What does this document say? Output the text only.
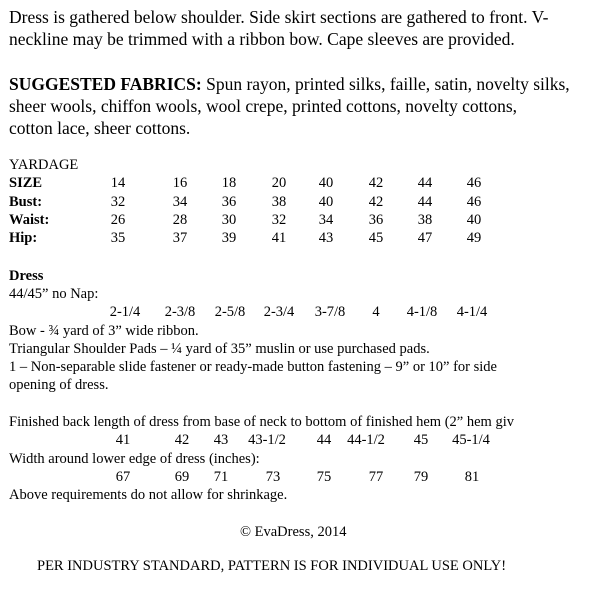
Dress is gathered below shoulder. Side skirt sections are gathered to front. V-
neckline may be trimmed with a ribbon bow. Cape sleeves are provided.
SUGGESTED FABRICS: Spun rayon, printed silks, faille, satin, novelty silks,
sheer wools, chiffon wools, wool crepe, printed cottons, novelty cottons,
cotton lace, sheer cottons.
YARDAGE
SIZE	14	16 18 20 40 42 44 46
Bust:	32	34 36 38 40 42 44 46
Waist:	26	28 30 32 34 36 38 40
Hip:	35	37 39 41 43 45 47 49
Dress
44/45” no Nap:
2-1/4 2-3/8 2-5/8 2-3/4 3-7/8 4 4-1/8 4-1/4
Bow - ¾ yard of 3” wide ribbon.
Triangular Shoulder Pads – ¼ yard of 35” muslin or use purchased pads.
1 – Non-separable slide fastener or ready-made button fastening – 9” or 10” for side
opening of dress.
Finished back length of dress from base of neck to bottom of finished hem (2” hem giv
41	42 43 43-1/2 44 44-1/2 45 45-1/4
Width around lower edge of dress (inches):
67	69 71	73	75	77 79	81
Above requirements do not allow for shrinkage.
© EvaDress, 2014
PER INDUSTRY STANDARD, PATTERN IS FOR INDIVIDUAL USE ONLY!
